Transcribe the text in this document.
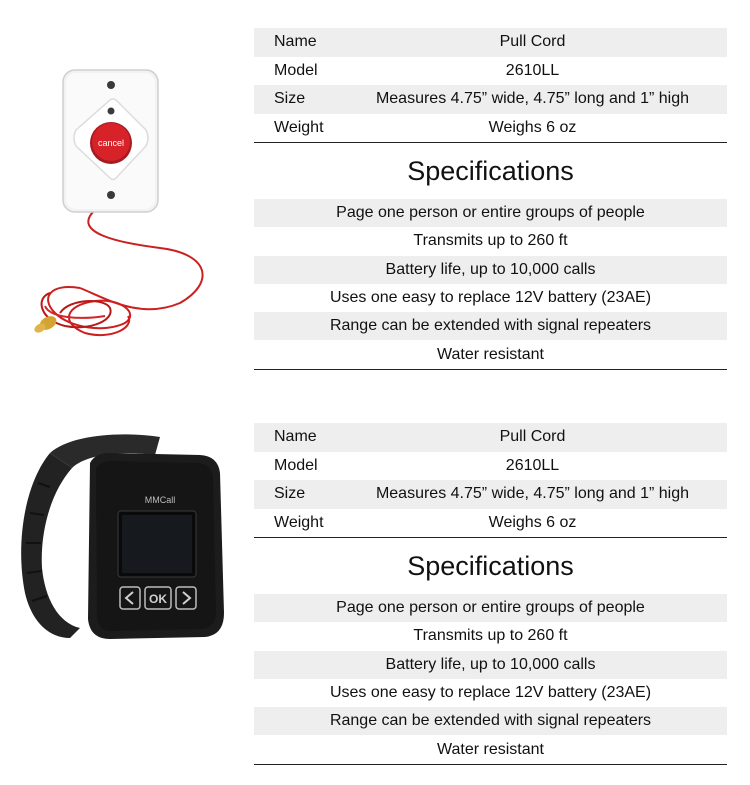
cancel
Name	Pull Cord
Model	2610LL
Size	Measures 4.75” wide, 4.75” long and 1” high
Weight	Weighs 6 oz
Specifications
Page one person or entire groups of people
Transmits up to 260 ft
Battery life, up to 10,000 calls
Uses one easy to replace 12V battery (23AE)
Range can be extended with signal repeaters
Water resistant
MMCall
OK
Name	Pull Cord
Model	2610LL
Size	Measures 4.75” wide, 4.75” long and 1” high
Weight	Weighs 6 oz
Specifications
Page one person or entire groups of people
Transmits up to 260 ft
Battery life, up to 10,000 calls
Uses one easy to replace 12V battery (23AE)
Range can be extended with signal repeaters
Water resistant
